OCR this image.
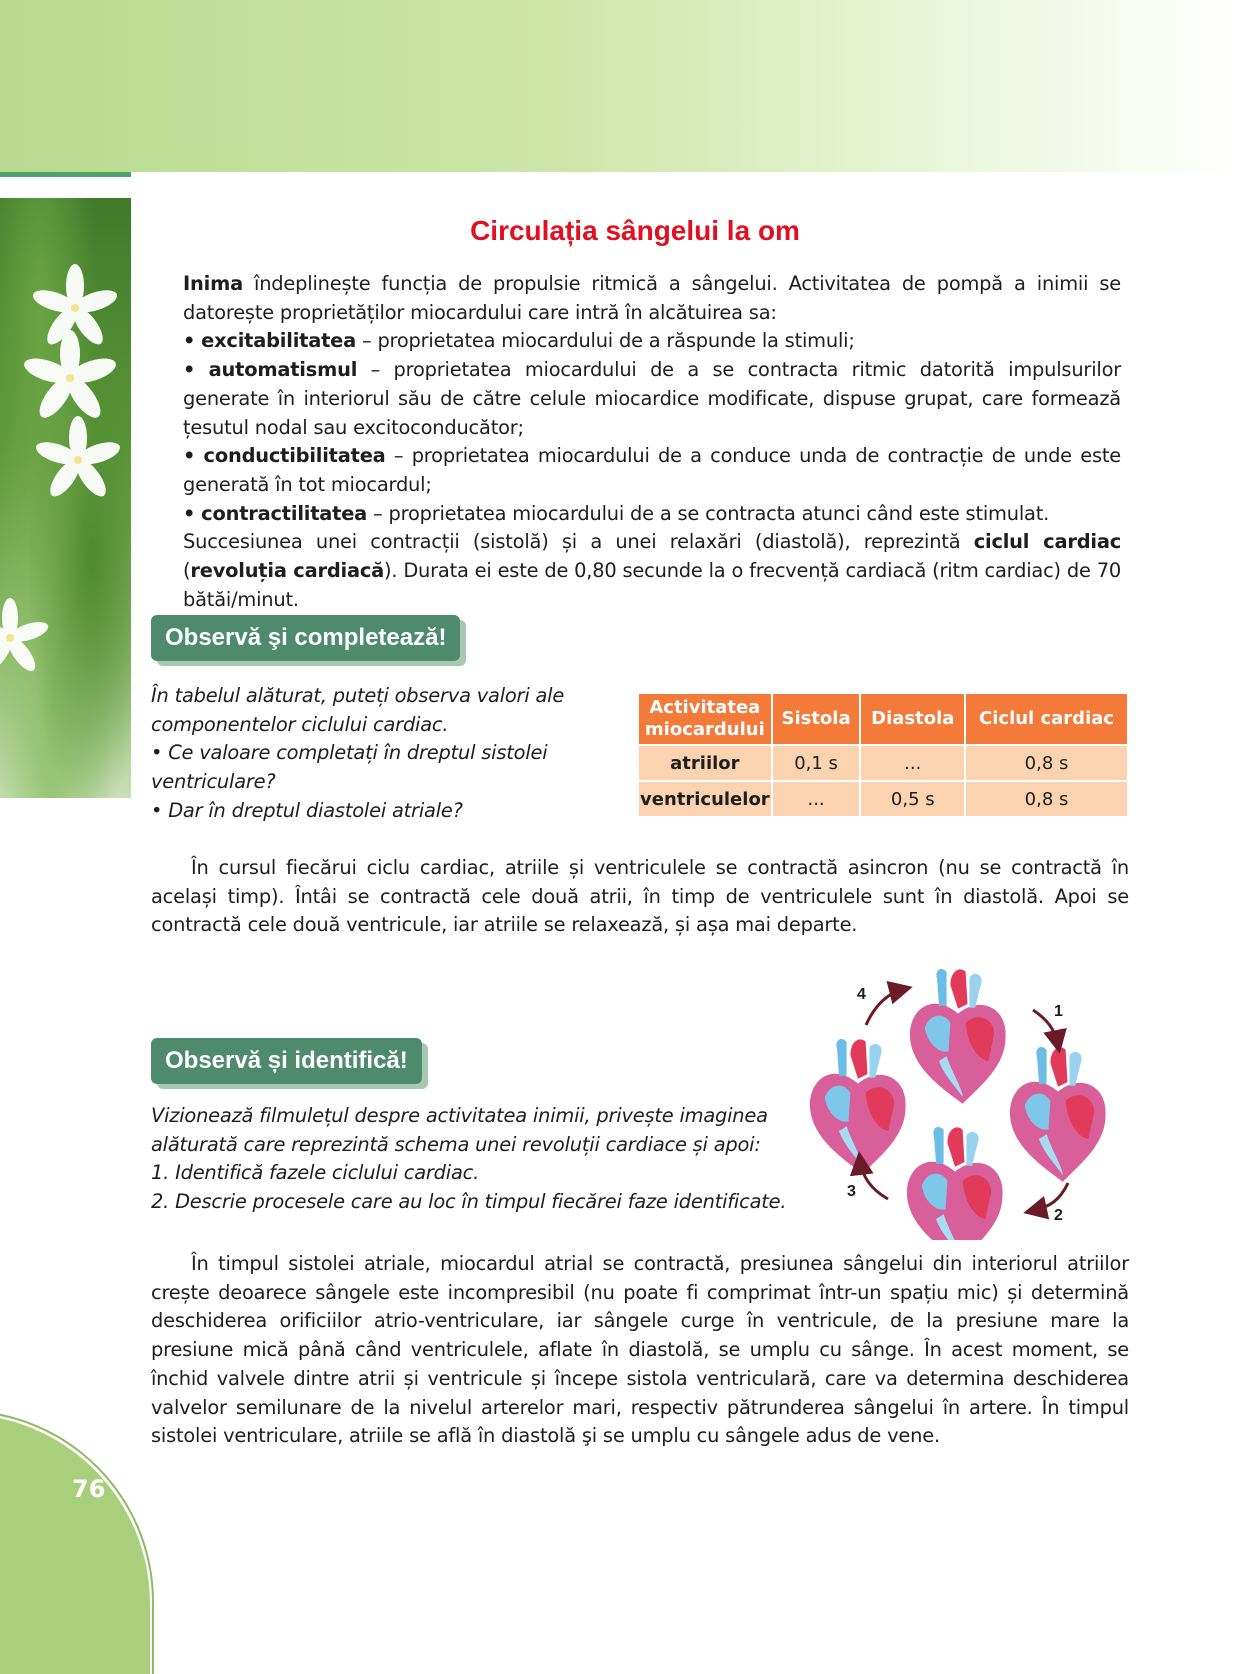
76
Circulația sângelui la om
Inima îndeplinește funcția de propulsie ritmică a sângelui. Activitatea de pompă a inimii se datorește proprietăților miocardului care intră în alcătuirea sa:
• excitabilitatea – proprietatea miocardului de a răspunde la stimuli;
• automatismul – proprietatea miocardului de a se contracta ritmic datorită impulsurilor generate în interiorul său de către celule miocardice modificate, dispuse grupat, care formează țesutul nodal sau excitoconducător;
• conductibilitatea – proprietatea miocardului de a conduce unda de contracție de unde este generată în tot miocardul;
• contractilitatea – proprietatea miocardului de a se contracta atunci când este stimulat.
Succesiunea unei contracții (sistolă) și a unei relaxări (diastolă), reprezintă ciclul cardiac (revoluția cardiacă). Durata ei este de 0,80 secunde la o frecvență cardiacă (ritm cardiac) de 70 bătăi/minut.
Observă şi completează!
În tabelul alăturat, puteți observa valori ale
componentelor ciclului cardiac.
• Ce valoare completați în dreptul sistolei
ventriculare?
• Dar în dreptul diastolei atriale?
Activitatea miocardului	Sistola	Diastola	Ciclul cardiac
atriilor	0,1 s	...	0,8 s
ventriculelor	...	0,5 s	0,8 s

În cursul fiecărui ciclu cardiac, atriile și ventriculele se contractă asincron (nu se contractă în același timp). Întâi se contractă cele două atrii, în timp de ventriculele sunt în diastolă. Apoi se contractă cele două ventricule, iar atriile se relaxează, și așa mai departe.

Observă și identifică!
Vizionează filmulețul despre activitatea inimii, privește imaginea
alăturată care reprezintă schema unei revoluții cardiace și apoi:
1. Identifică fazele ciclului cardiac.
2. Descrie procesele care au loc în timpul fiecărei faze identificate.
1
2
3
4

În timpul sistolei atriale, miocardul atrial se contractă, presiunea sângelui din interiorul atriilor crește deoarece sângele este incompresibil (nu poate fi comprimat într-un spațiu mic) și determină deschiderea orificiilor atrio-ventriculare, iar sângele curge în ventricule, de la presiune mare la presiune mică până când ventriculele, aflate în diastolă, se umplu cu sânge. În acest moment, se închid valvele dintre atrii și ventricule și începe sistola ventriculară, care va determina deschiderea valvelor semilunare de la nivelul arterelor mari, respectiv pătrunderea sângelui în artere. În timpul sistolei ventriculare, atriile se află în diastolă şi se umplu cu sângele adus de vene.
